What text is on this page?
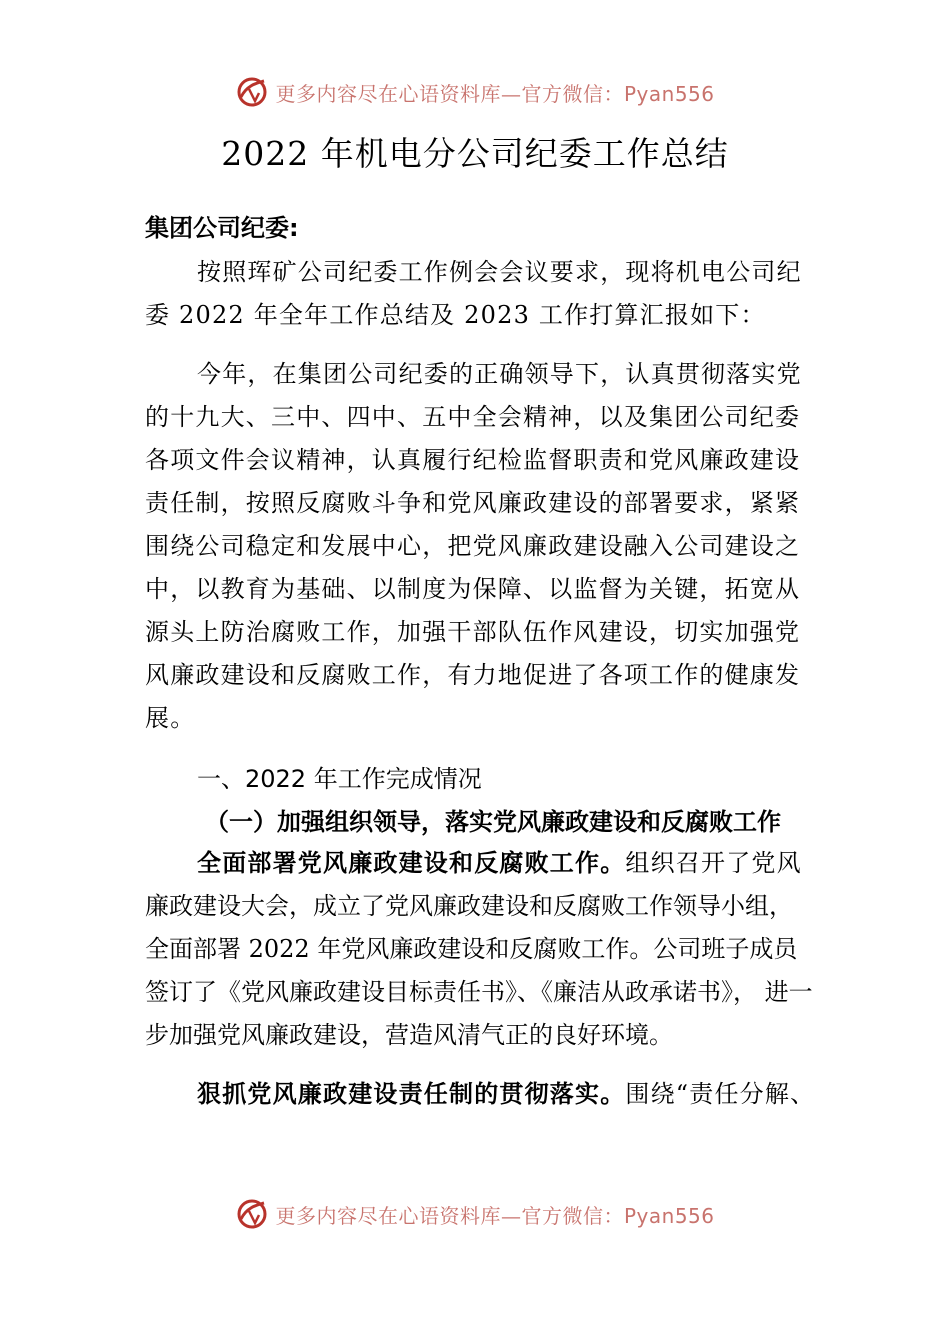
更多内容尽在心语资料库—官方微信：Pyan556
2022 年机电分公司纪委工作总结

集团公司纪委:

按照珲矿公司纪委工作例会会议要求，现将机电公司纪

委 2022 年全年工作总结及 2023 工作打算汇报如下：

今年，在集团公司纪委的正确领导下，认真贯彻落实党

的十九大、三中、四中、五中全会精神，以及集团公司纪委

各项文件会议精神，认真履行纪检监督职责和党风廉政建设

责任制，按照反腐败斗争和党风廉政建设的部署要求，紧紧

围绕公司稳定和发展中心，把党风廉政建设融入公司建设之

中，以教育为基础、以制度为保障、以监督为关键，拓宽从

源头上防治腐败工作，加强干部队伍作风建设，切实加强党

风廉政建设和反腐败工作，有力地促进了各项工作的健康发

展。

一、2022 年工作完成情况

（一）加强组织领导，落实党风廉政建设和反腐败工作

全面部署党风廉政建设和反腐败工作。组织召开了党风

廉政建设大会，成立了党风廉政建设和反腐败工作领导小组，

全面部署 2022 年党风廉政建设和反腐败工作。公司班子成员

签订了《党风廉政建设目标责任书》、《廉洁从政承诺书》， 进一

步加强党风廉政建设，营造风清气正的良好环境。

狠抓党风廉政建设责任制的贯彻落实。围绕“责任分解、

更多内容尽在心语资料库—官方微信：Pyan556
